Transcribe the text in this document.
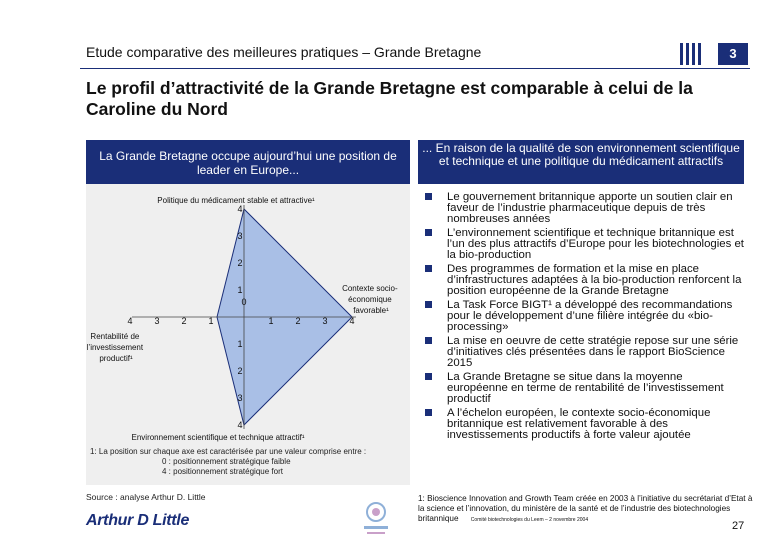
Etude comparative des meilleures pratiques – Grande Bretagne	3
Le profil d’attractivité de la Grande Bretagne est comparable à celui de la Caroline du Nord
La Grande Bretagne occupe aujourd’hui une position de leader en Europe...
0
1
1
1
1
2
2
2
2
3
3
3
3
4
4
4
4
Politique du médicament stable et attractive¹
Environnement scientifique et technique attractif¹
Contexte socio- économique favorable¹
Rentabilité de l’investissement productif¹
1: La position sur chaque axe est caractérisée par une valeur comprise entre :
0 : positionnement stratégique faible
4 : positionnement stratégique fort
... En raison de la qualité de son environnement scientifique et technique et une politique du médicament attractifs
Le gouvernement britannique apporte un soutien clair en faveur de l’industrie pharmaceutique depuis de très nombreuses années
L’environnement scientifique et technique britannique est l’un des plus attractifs d’Europe pour les biotechnologies et la bio-production
Des programmes de formation et la mise en place d’infrastructures adaptées à la bio-production renforcent la position européenne de la Grande Bretagne
La Task Force BIGT¹ a développé des recommandations pour le développement d’une filière intégrée du «bio-processing»
La mise en oeuvre de cette stratégie repose sur une série d’initiatives clés présentées dans le rapport BioScience 2015
La Grande Bretagne se situe dans la moyenne européenne en terme de rentabilité de l’investissement productif
A l’échelon européen, le contexte socio-économique britannique est relativement favorable à des investissements productifs à forte valeur ajoutée
Source : analyse Arthur D. Little
Arthur D Little
1: Bioscience Innovation and Growth Team créée en 2003 à l’initiative du secrétariat d’Etat à la science et l’innovation, du ministère de la santé et de l’industrie des biotechnologies britannique Comité biotechnologies du Leem – 2 novembre 2004	27
